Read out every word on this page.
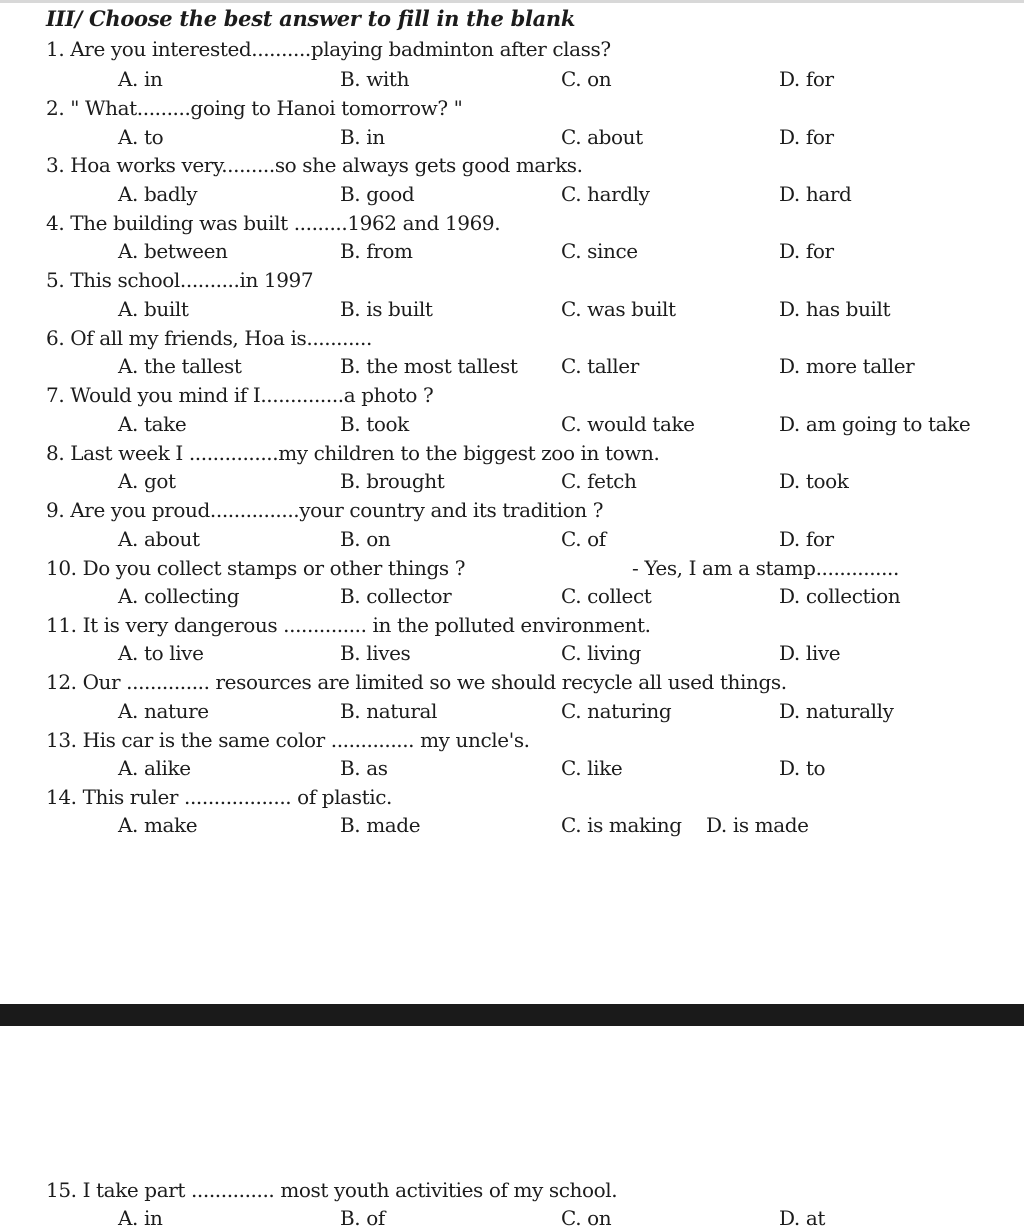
III/ Choose the best answer to fill in the blank
1. Are you interested..........playing badminton after class?
A. in	B. with	C. on	D. for
2. " What.........going to Hanoi tomorrow? "
A. to	B. in	C. about	D. for
3. Hoa works very.........so she always gets good marks.
A. badly	B. good	C. hardly	D. hard
4. The building was built .........1962 and 1969.
A. between	B. from	C. since	D. for
5. This school..........in 1997
A. built	B. is built	C. was built	D. has built
6. Of all my friends, Hoa is...........
A. the tallest	B. the most tallest C. taller	D. more taller
7. Would you mind if I..............a photo ?
A. take	B. took	C. would take	D. am going to take
8. Last week I ...............my children to the biggest zoo in town.
A. got	B. brought	C. fetch	D. took
9. Are you proud...............your country and its tradition ?
A. about	B. on	C. of	D. for
10. Do you collect stamps or other things ?	- Yes, I am a stamp..............
A. collecting	B. collector	C. collect	D. collection
11. It is very dangerous .............. in the polluted environment.
A. to live	B. lives	C. living	D. live
12. Our .............. resources are limited so we should recycle all used things.
A. nature	B. natural	C. naturing	D. naturally
13. His car is the same color .............. my uncle's.
A. alike	B. as	C. like	D. to
14. This ruler .................. of plastic.
A. make	B. made	C. is making D. is made
15. I take part .............. most youth activities of my school.
A. in	B. of	C. on	D. at
